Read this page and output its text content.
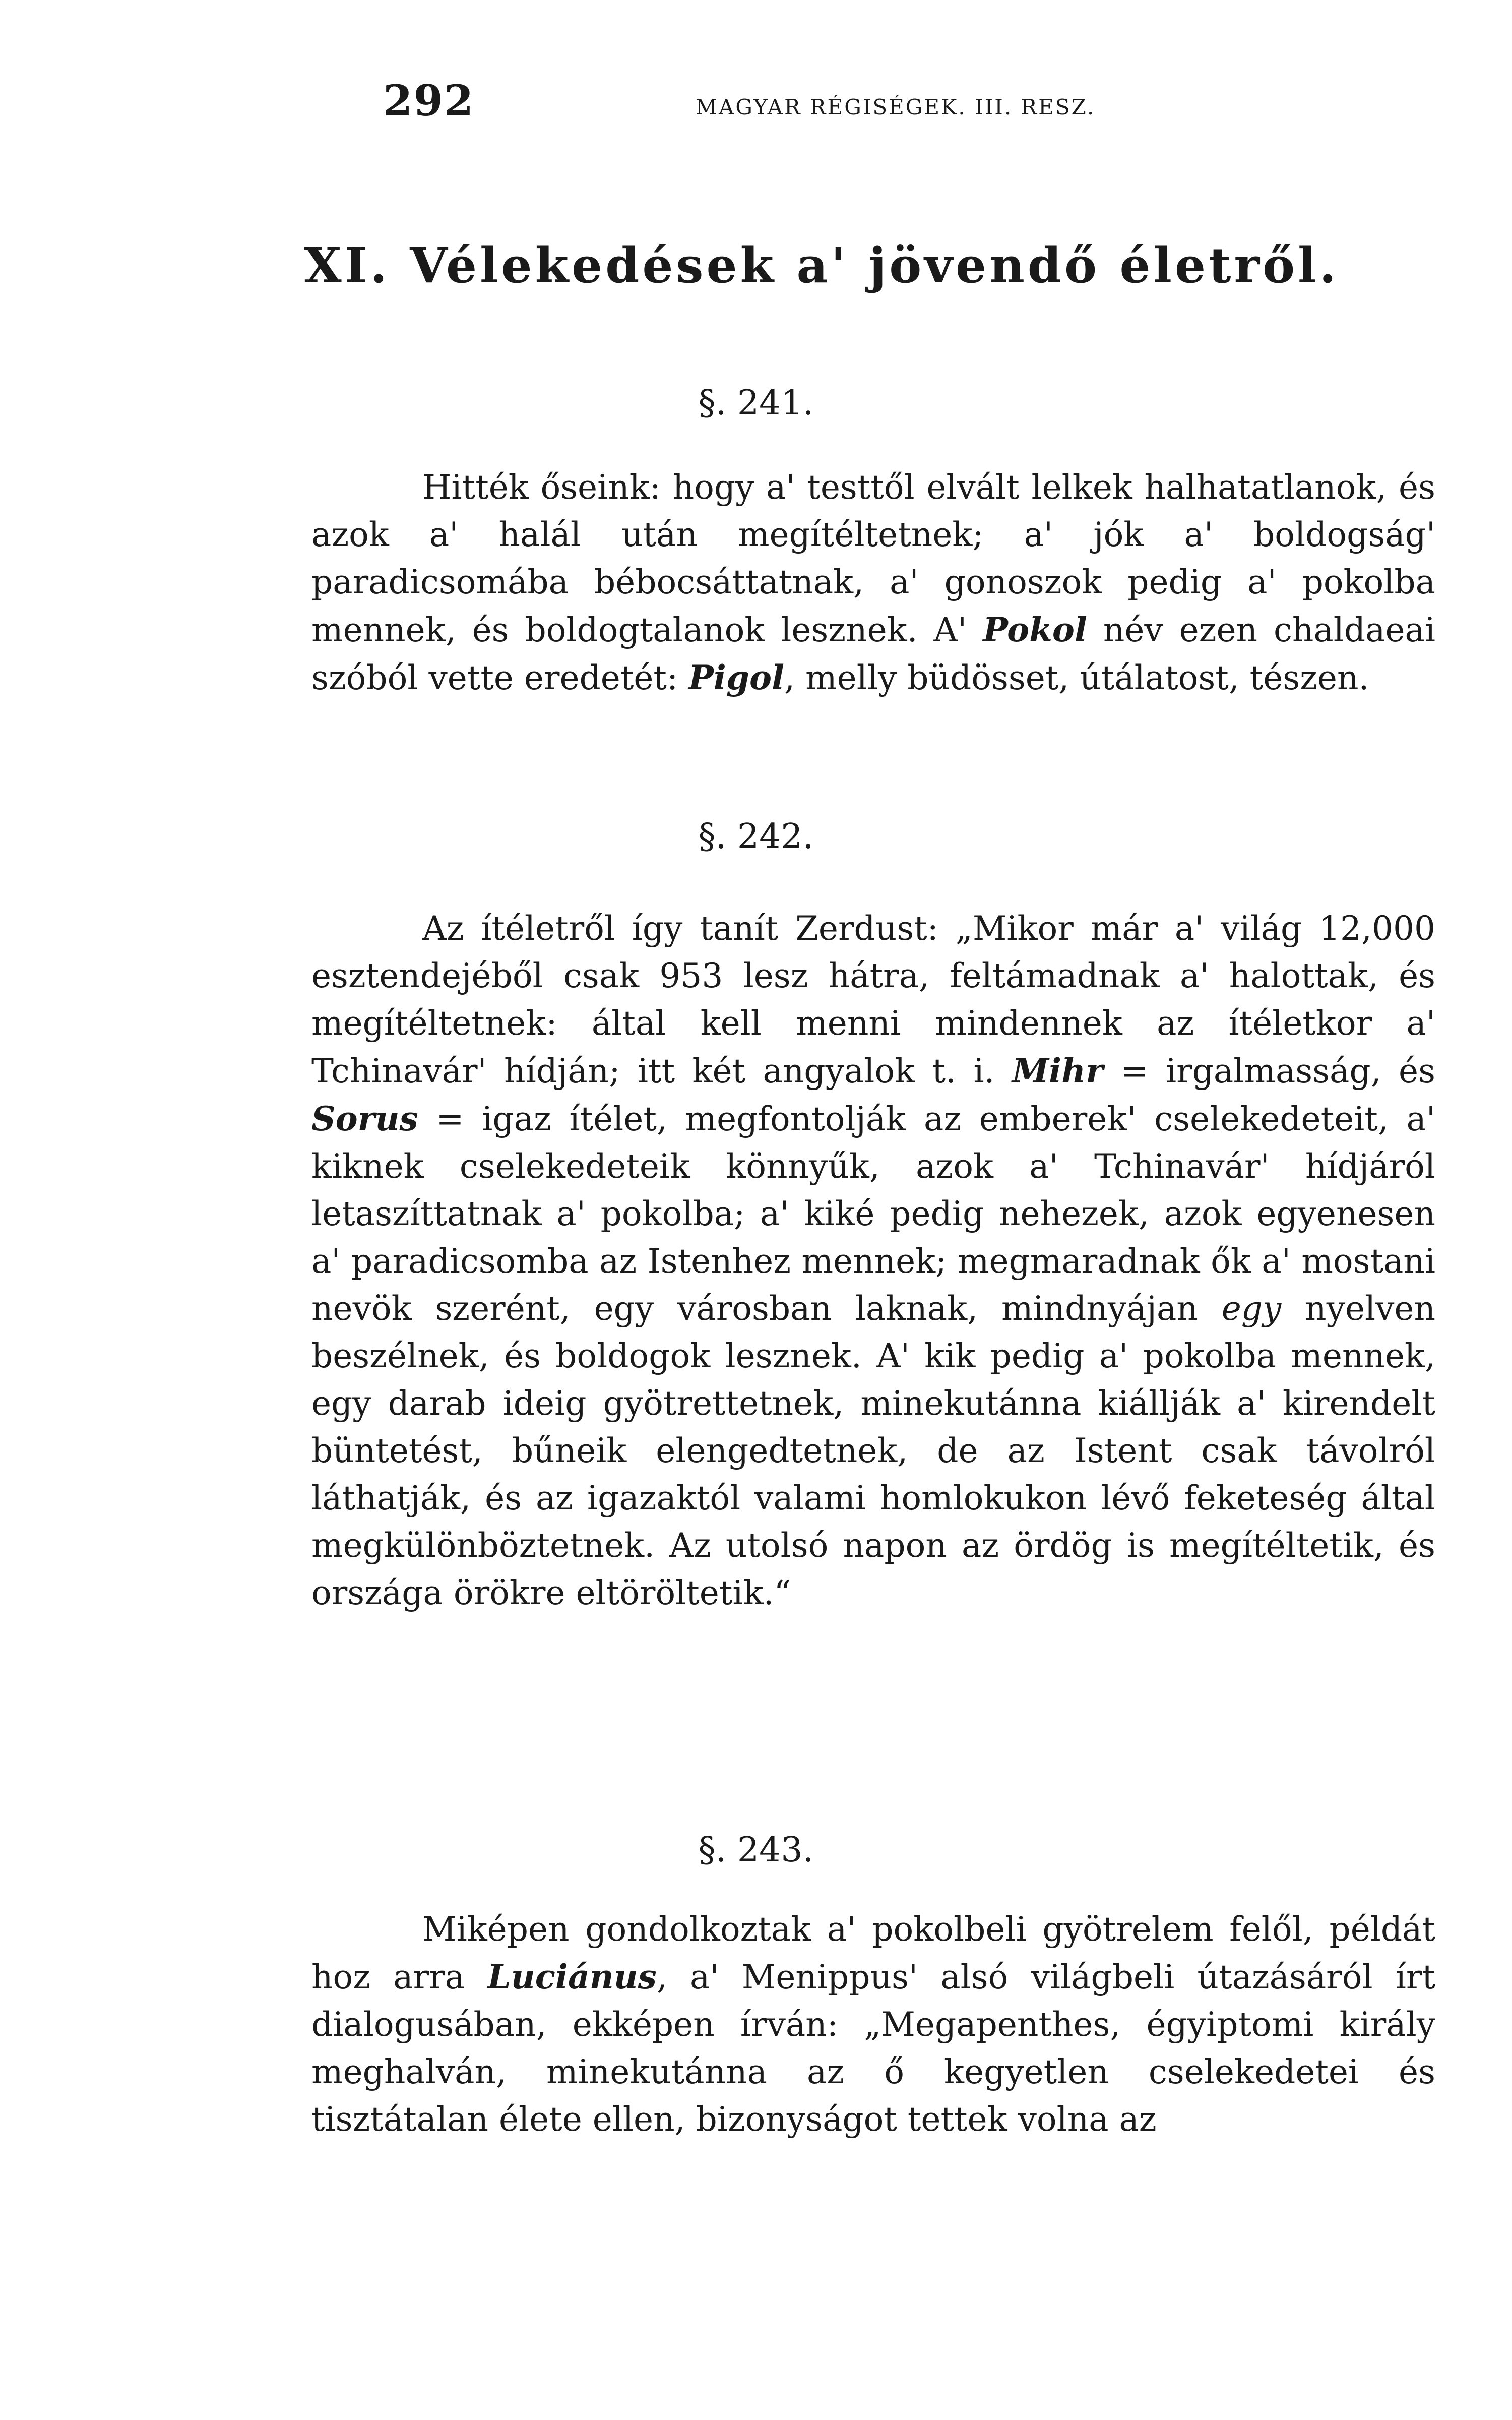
292	MAGYAR RÉGISÉGEK. III. RESZ.
XI. Vélekedések a' jövendő életről.
§. 241.

Hitték őseink: hogy a' testtől elvált lelkek halhatatlanok, és azok a' halál után megítéltetnek; a' jók a' boldogság' paradicsomába bébocsáttatnak, a' gonoszok pedig a' pokolba mennek, és boldogtalanok lesznek. A' Pokol név ezen chaldaeai szóból vette eredetét: Pigol, melly büdösset, útálatost, tészen.

§. 242.

Az ítéletről így tanít Zerdust: „Mikor már a' világ 12,000 esztendejéből csak 953 lesz hátra, feltámadnak a' halottak, és megítéltetnek: által kell menni mindennek az ítéletkor a' Tchinavár' hídján; itt két angyalok t. i. Mihr = irgalmasság, és Sorus = igaz ítélet, megfontolják az emberek' cselekedeteit, a' kiknek cselekedeteik könnyűk, azok a' Tchinavár' hídjáról letaszíttatnak a' pokolba; a' kiké pedig nehezek, azok egyenesen a' paradicsomba az Istenhez mennek; megmaradnak ők a' mostani nevök szerént, egy városban laknak, mindnyájan egy nyelven beszélnek, és boldogok lesznek. A' kik pedig a' pokolba mennek, egy darab ideig gyötrettetnek, minekutánna kiállják a' kirendelt büntetést, bűneik elengedtetnek, de az Istent csak távolról láthatják, és az igazaktól valami homlokukon lévő feketeség által megkülönböztetnek. Az utolsó napon az ördög is megítéltetik, és országa örökre eltöröltetik.“

§. 243.

Miképen gondolkoztak a' pokolbeli gyötrelem felől, példát hoz arra Luciánus, a' Menippus' alsó világbeli útazásáról írt dialogusában, ekképen írván: „Megapenthes, égyiptomi király meghalván, minekutánna az ő kegyetlen cselekedetei és tisztátalan élete ellen, bizonyságot tettek volna az
